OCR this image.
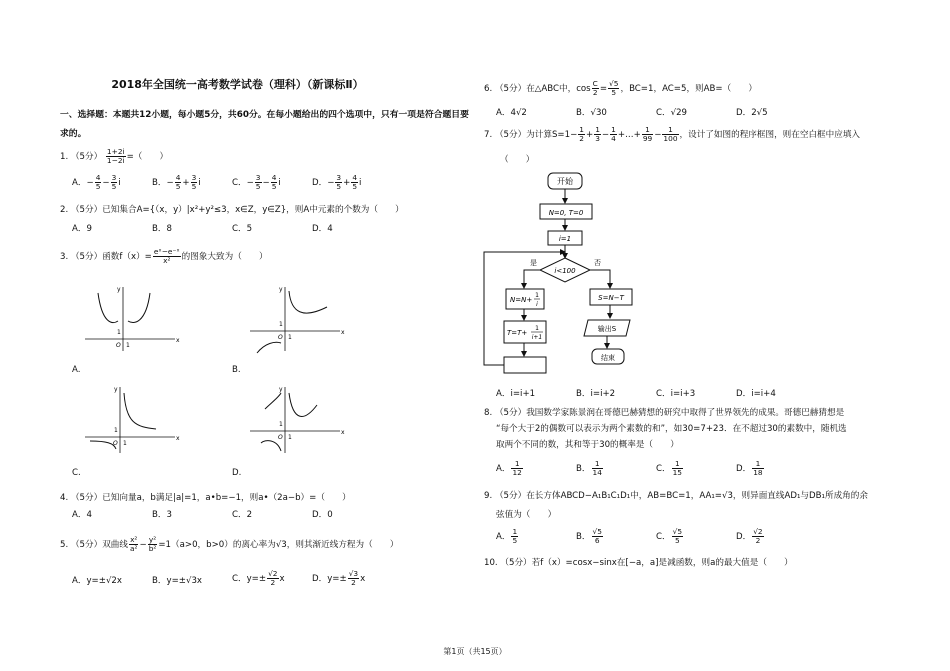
2018年全国统一高考数学试卷（理科）（新课标Ⅱ）
一、选择题：本题共12小题，每小题5分，共60分。在每小题给出的四个选项中，只有一项是符合题目要求的。
1. （5分） $\frac{1+2i}{1-2i}$ =（　　）
A．− $\frac{4}{5} - \frac{3}{5}$ i	B．− $\frac{4}{5} + \frac{3}{5}$ i	C．− $\frac{3}{5} - \frac{4}{5}$ i	D．− $\frac{3}{5} + \frac{4}{5}$ i
2. （5分）已知集合A={（x，y）|x²+y²≤3，x∈Z，y∈Z}，则A中元素的个数为（　　）
A．9	B．8	C．5	D．4
3. （5分）函数$f(x)= \frac{\text{eˣ−e⁻ˣ}}{\text{x²}}$ 的图象大致为（　　）
y
x
O 1
1
A.
y
x
O 1
1
B.
y
x
O 1
1
C.
y
x
O 1
1
D.
4. （5分）已知向量a，b满足|a|=1，a•b=−1，则a•（2a−b）=（　　）
A．4	B．3	C．2	D．0
5. （5分）双曲线 $\frac{\text{x²}}{\text{a²}} - \frac{\text{y²}}{\text{b²}} =1(a>0$，b>0）的离心率为√3，则其渐近线方程为（　　）
A．y=±√2x	B．y=±√3x	C．$y=\pm \frac{√2}{2}$ x	D．$y=\pm \frac{√3}{2}$ x
6. （5分）在△ABC中，$\cos \frac{C}{2} = \frac{√5}{5}$ ，BC=1，AC=5，则AB=（　　）
A．4√2	B．√30	C．√29	D．2√5
7. （5分）为计算$S=1- \frac{1}{2} + \frac{1}{3} - \frac{1}{4}$ +…+ $\frac{1}{99} - \frac{1}{100}$ ，设计了如图的程序框图，则在空白框中应填入
（　　）
开始
N=0, T=0
i=1
i<100
是	否
N=N+
1
i
T=T+
1
i+1
S=N−T
输出S
结束
A．i=i+1	B．i=i+2	C．i=i+3	D．i=i+4
8. （5分）我国数学家陈景润在哥德巴赫猜想的研究中取得了世界领先的成果。哥德巴赫猜想是
“每个大于2的偶数可以表示为两个素数的和”，如30=7+23．在不超过30的素数中，随机选
取两个不同的数，其和等于30的概率是（　　）
A． $\frac{1}{12}$	B． $\frac{1}{14}$	C． $\frac{1}{15}$	D． $\frac{1}{18}$
9. （5分）在长方体ABCD−A₁B₁C₁D₁中，AB=BC=1，AA₁=√3，则异面直线AD₁与DB₁所成角的余
弦值为（　　）
A． $\frac{1}{5}$	B． $\frac{√5}{6}$	C． $\frac{√5}{5}$	D． $\frac{√2}{2}$
10. （5分）若f（x）=cosx−sinx在[−a，a]是减函数，则a的最大值是（　　）
第1页（共15页）
